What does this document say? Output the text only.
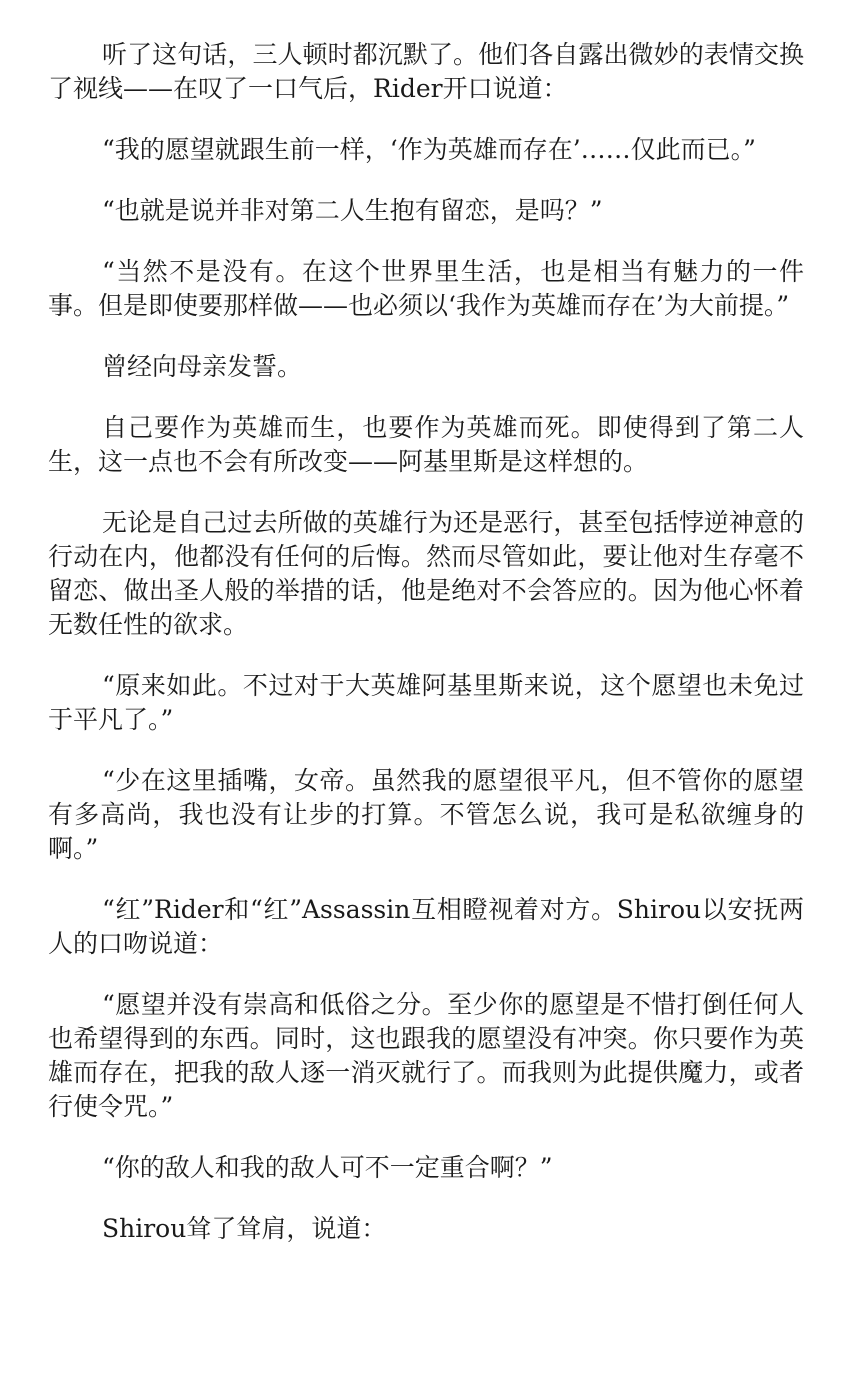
听了这句话，三人顿时都沉默了。他们各自露出微妙的表情交换了视线——在叹了一口气后，Rider开口说道：

“我的愿望就跟生前一样，‘作为英雄而存在’……仅此而已。”

“也就是说并非对第二人生抱有留恋，是吗？”

“当然不是没有。在这个世界里生活，也是相当有魅力的一件事。但是即使要那样做——也必须以‘我作为英雄而存在’为大前提。”

曾经向母亲发誓。

自己要作为英雄而生，也要作为英雄而死。即使得到了第二人生，这一点也不会有所改变——阿基里斯是这样想的。

无论是自己过去所做的英雄行为还是恶行，甚至包括悖逆神意的行动在内，他都没有任何的后悔。然而尽管如此，要让他对生存毫不留恋、做出圣人般的举措的话，他是绝对不会答应的。因为他心怀着无数任性的欲求。

“原来如此。不过对于大英雄阿基里斯来说，这个愿望也未免过于平凡了。”

“少在这里插嘴，女帝。虽然我的愿望很平凡，但不管你的愿望有多高尚，我也没有让步的打算。不管怎么说，我可是私欲缠身的啊。”

“红”Rider和“红”Assassin互相瞪视着对方。Shirou以安抚两人的口吻说道：

“愿望并没有崇高和低俗之分。至少你的愿望是不惜打倒任何人也希望得到的东西。同时，这也跟我的愿望没有冲突。你只要作为英雄而存在，把我的敌人逐一消灭就行了。而我则为此提供魔力，或者行使令咒。”

“你的敌人和我的敌人可不一定重合啊？”

Shirou耸了耸肩，说道：
